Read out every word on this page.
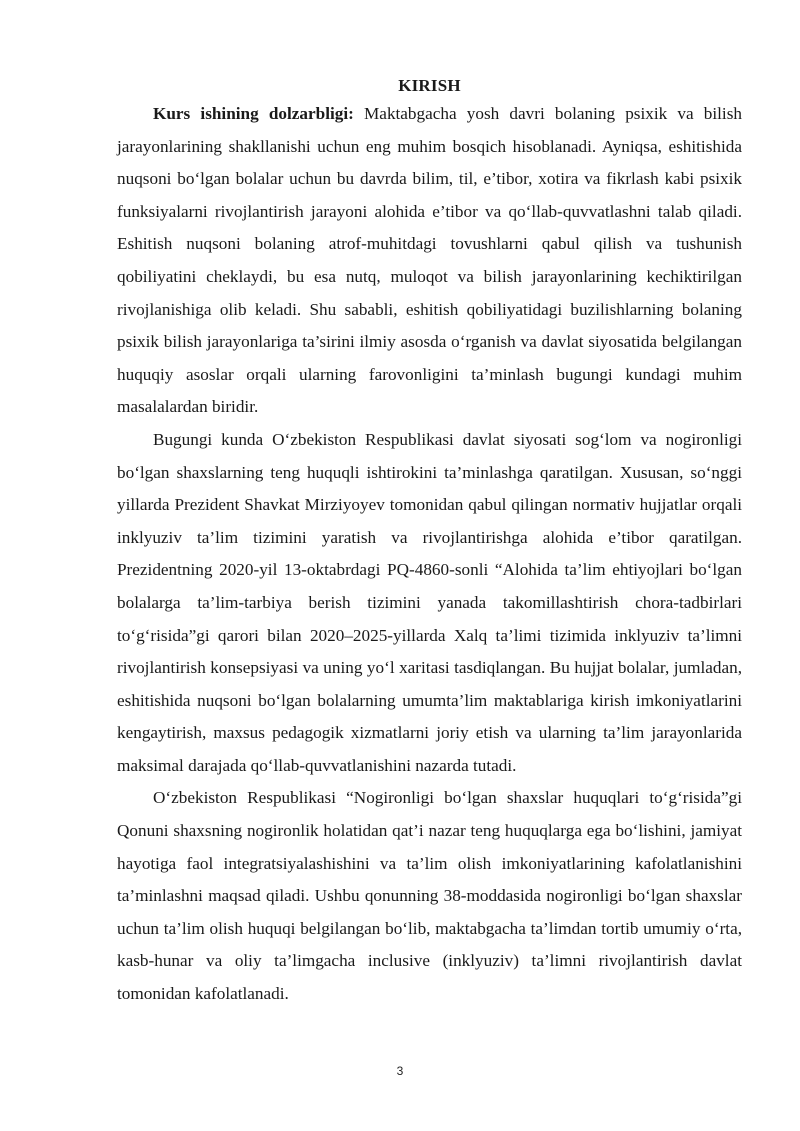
KIRISH

Kurs ishining dolzarbligi: Maktabgacha yosh davri bolaning psixik va bilish jarayonlarining shakllanishi uchun eng muhim bosqich hisoblanadi. Ayniqsa, eshitishida nuqsoni boʻlgan bolalar uchun bu davrda bilim, til, e’tibor, xotira va fikrlash kabi psixik funksiyalarni rivojlantirish jarayoni alohida e’tibor va qoʻllab-quvvatlashni talab qiladi. Eshitish nuqsoni bolaning atrof-muhitdagi tovushlarni qabul qilish va tushunish qobiliyatini cheklaydi, bu esa nutq, muloqot va bilish jarayonlarining kechiktirilgan rivojlanishiga olib keladi. Shu sababli, eshitish qobiliyatidagi buzilishlarning bolaning psixik bilish jarayonlariga ta’sirini ilmiy asosda oʻrganish va davlat siyosatida belgilangan huquqiy asoslar orqali ularning farovonligini ta’minlash bugungi kundagi muhim masalalardan biridir.

Bugungi kunda Oʻzbekiston Respublikasi davlat siyosati sogʻlom va nogironligi boʻlgan shaxslarning teng huquqli ishtirokini ta’minlashga qaratilgan. Xususan, soʻnggi yillarda Prezident Shavkat Mirziyoyev tomonidan qabul qilingan normativ hujjatlar orqali inklyuziv ta’lim tizimini yaratish va rivojlantirishga alohida e’tibor qaratilgan. Prezidentning 2020-yil 13-oktabrdagi PQ-4860-sonli “Alohida ta’lim ehtiyojlari boʻlgan bolalarga ta’lim-tarbiya berish tizimini yanada takomillashtirish chora-tadbirlari toʻgʻrisida”gi qarori bilan 2020–2025-yillarda Xalq ta’limi tizimida inklyuziv ta’limni rivojlantirish konsepsiyasi va uning yoʻl xaritasi tasdiqlangan. Bu hujjat bolalar, jumladan, eshitishida nuqsoni boʻlgan bolalarning umumta’lim maktablariga kirish imkoniyatlarini kengaytirish, maxsus pedagogik xizmatlarni joriy etish va ularning ta’lim jarayonlarida maksimal darajada qoʻllab-quvvatlanishini nazarda tutadi.

Oʻzbekiston Respublikasi “Nogironligi boʻlgan shaxslar huquqlari toʻgʻrisida”gi Qonuni shaxsning nogironlik holatidan qat’i nazar teng huquqlarga ega boʻlishini, jamiyat hayotiga faol integratsiyalashishini va ta’lim olish imkoniyatlarining kafolatlanishini ta’minlashni maqsad qiladi. Ushbu qonunning 38-moddasida nogironligi boʻlgan shaxslar uchun ta’lim olish huquqi belgilangan boʻlib, maktabgacha ta’limdan tortib umumiy oʻrta, kasb-hunar va oliy ta’limgacha inclusive (inklyuziv) ta’limni rivojlantirish davlat tomonidan kafolatlanadi.

3
